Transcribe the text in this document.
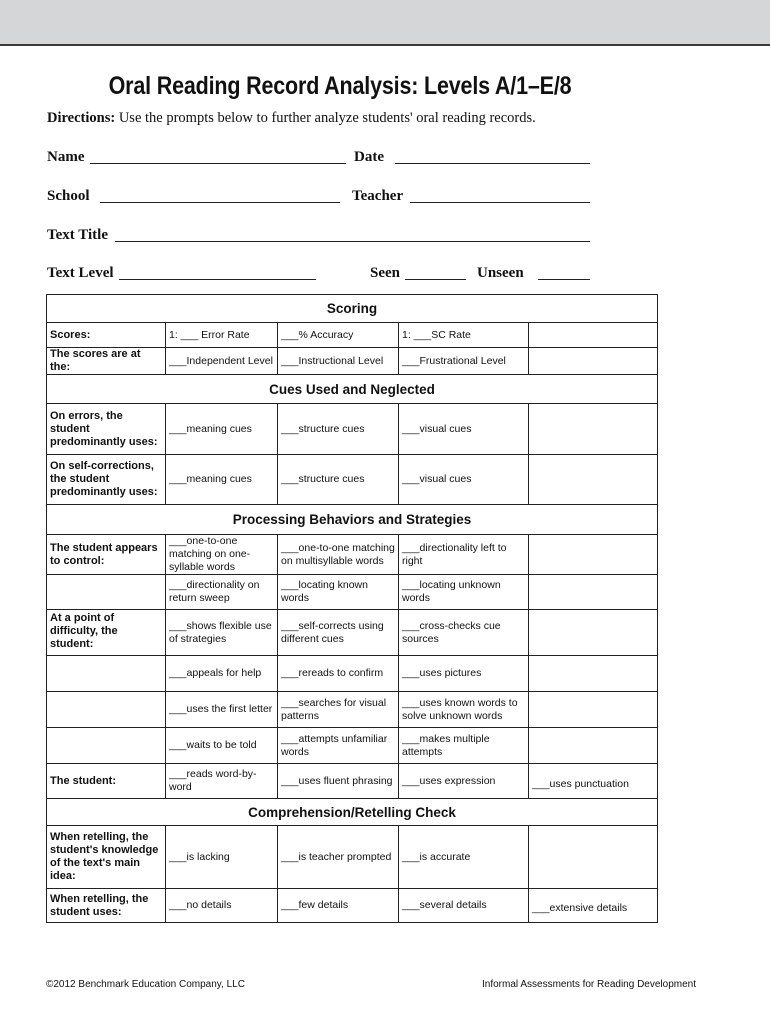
Oral Reading Record Analysis: Levels A/1–E/8
Directions: Use the prompts below to further analyze students' oral reading records.
Name	Date
School	Teacher
Text Title
Text Level	Seen	Unseen
Scoring				
Scores:	1: ___ Error Rate	___% Accuracy	1: ___SC Rate	
The scores are at the:	___Independent Level	___Instructional Level	___Frustrational Level	
Cues Used and Neglected				
On errors, the student predominantly uses:	___meaning cues	___structure cues	___visual cues	
On self-corrections, the student predominantly uses:	___meaning cues	___structure cues	___visual cues	
Processing Behaviors and Strategies				
The student appears to control:	___one-to-one matching on one-syllable words	___one-to-one matching on multisyllable words	___directionality left to right	
	___directionality on return sweep	___locating known words	___locating unknown words	
At a point of difficulty, the student:	___shows flexible use of strategies	___self-corrects using different cues	___cross-checks cue sources	
	___appeals for help	___rereads to confirm	___uses pictures	
	___uses the first letter	___searches for visual patterns	___uses known words to solve unknown words	
	___waits to be told	___attempts unfamiliar words	___makes multiple attempts	
The student:	___reads word-by-word	___uses fluent phrasing	___uses expression	___uses punctuation
Comprehension/Retelling Check				
When retelling, the student's knowledge of the text's main idea:	___is lacking	___is teacher prompted	___is accurate	
When retelling, the student uses:	___no details	___few details	___several details	___extensive details
©2012 Benchmark Education Company, LLC	Informal Assessments for Reading Development
